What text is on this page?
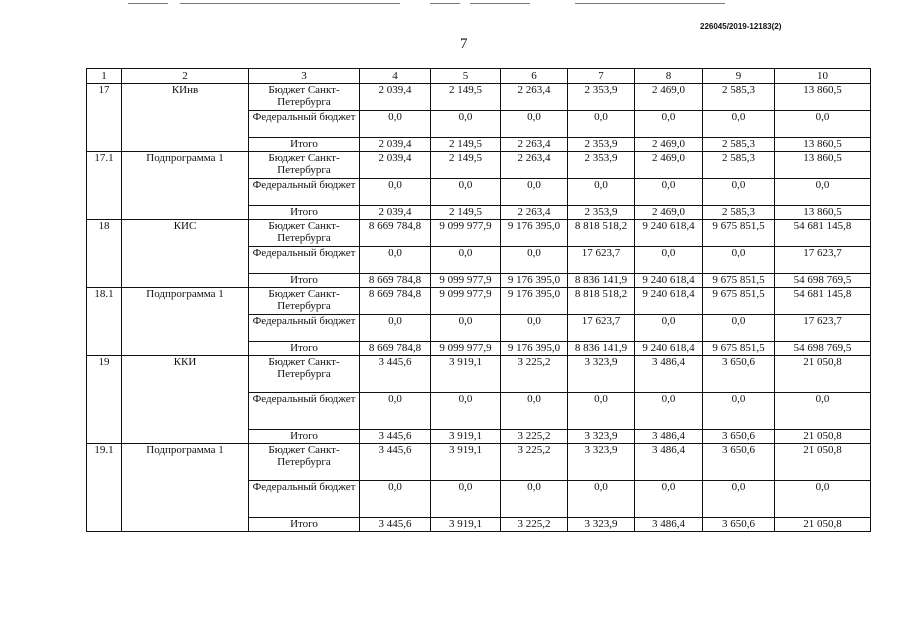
226045/2019-12183(2)
7
1	2	3	4	5	6	7	8	9	10
17	КИнв	Бюджет Санкт-Петербурга	2 039,4	2 149,5	2 263,4	2 353,9	2 469,0	2 585,3	13 860,5
		Федеральный бюджет	0,0	0,0	0,0	0,0	0,0	0,0	0,0
		Итого	2 039,4	2 149,5	2 263,4	2 353,9	2 469,0	2 585,3	13 860,5
17.1	Подпрограмма 1	Бюджет Санкт-Петербурга	2 039,4	2 149,5	2 263,4	2 353,9	2 469,0	2 585,3	13 860,5
		Федеральный бюджет	0,0	0,0	0,0	0,0	0,0	0,0	0,0
		Итого	2 039,4	2 149,5	2 263,4	2 353,9	2 469,0	2 585,3	13 860,5
18	КИС	Бюджет Санкт-Петербурга	8 669 784,8	9 099 977,9	9 176 395,0	8 818 518,2	9 240 618,4	9 675 851,5	54 681 145,8
		Федеральный бюджет	0,0	0,0	0,0	17 623,7	0,0	0,0	17 623,7
		Итого	8 669 784,8	9 099 977,9	9 176 395,0	8 836 141,9	9 240 618,4	9 675 851,5	54 698 769,5
18.1	Подпрограмма 1	Бюджет Санкт-Петербурга	8 669 784,8	9 099 977,9	9 176 395,0	8 818 518,2	9 240 618,4	9 675 851,5	54 681 145,8
		Федеральный бюджет	0,0	0,0	0,0	17 623,7	0,0	0,0	17 623,7
		Итого	8 669 784,8	9 099 977,9	9 176 395,0	8 836 141,9	9 240 618,4	9 675 851,5	54 698 769,5
19	ККИ	Бюджет Санкт-Петербурга	3 445,6	3 919,1	3 225,2	3 323,9	3 486,4	3 650,6	21 050,8
		Федеральный бюджет	0,0	0,0	0,0	0,0	0,0	0,0	0,0
		Итого	3 445,6	3 919,1	3 225,2	3 323,9	3 486,4	3 650,6	21 050,8
19.1	Подпрограмма 1	Бюджет Санкт-Петербурга	3 445,6	3 919,1	3 225,2	3 323,9	3 486,4	3 650,6	21 050,8
		Федеральный бюджет	0,0	0,0	0,0	0,0	0,0	0,0	0,0
		Итого	3 445,6	3 919,1	3 225,2	3 323,9	3 486,4	3 650,6	21 050,8
